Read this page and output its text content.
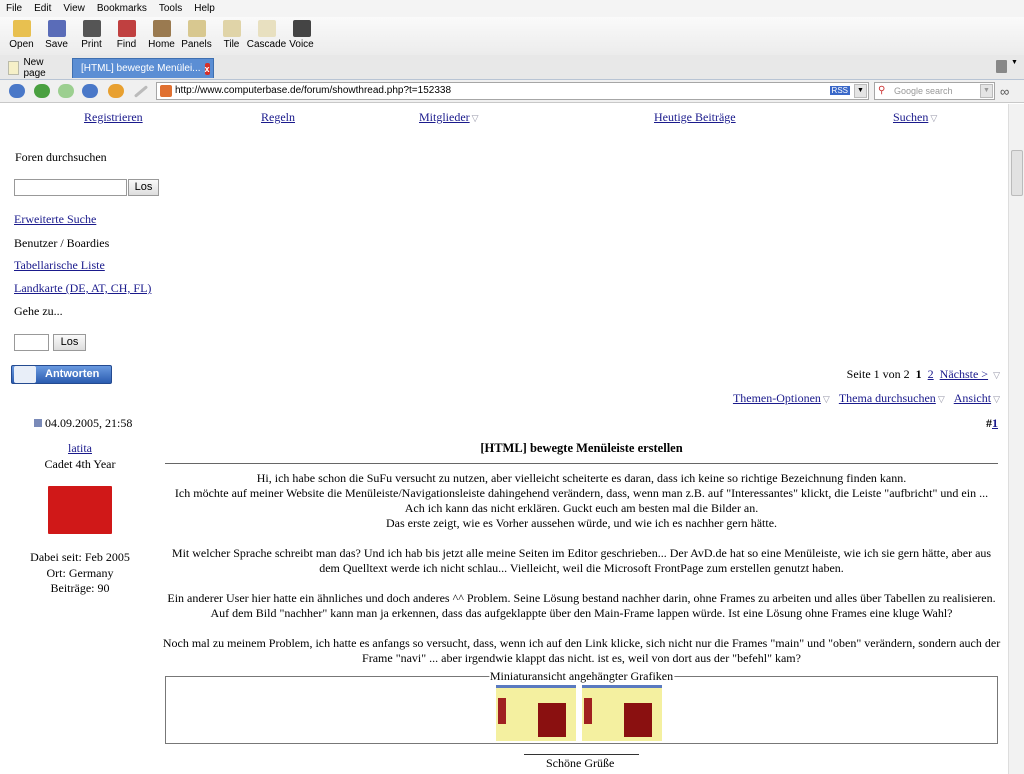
File	Edit	View	Bookmarks	Tools	Help
Open Save Print Find Home Panels Tile Cascade Voice
New page	[HTML] bewegte Menülei... x
▼
http://www.computerbase.de/forum/showthread.php?t=152338	RSS	▼	Google search
⚲	▼ ∞
Registrieren	Regeln	Mitglieder ▽	Heutige Beiträge	Suchen ▽
Foren durchsuchen
Los
Erweiterte Suche
Benutzer / Boardies
Tabellarische Liste
Landkarte (DE, AT, CH, FL)
Gehe zu...
Los
Antworten	Seite 1 von 2 1 2 Nächste > ▽
Themen-Optionen ▽ Thema durchsuchen ▽ Ansicht ▽
04.09.2005, 21:58	#1
latita
Cadet 4th Year
Dabei seit: Feb 2005
Ort: Germany
Beiträge: 90
[HTML] bewegte Menüleiste erstellen
Hi, ich habe schon die SuFu versucht zu nutzen, aber vielleicht scheiterte es daran, dass ich keine so richtige Bezeichnung finden kann.
Ich möchte auf meiner Website die Menüleiste/Navigationsleiste dahingehend verändern, dass, wenn man z.B. auf "Interessantes" klickt, die Leiste "aufbricht" und ein ...
Ach ich kann das nicht erklären. Guckt euch am besten mal die Bilder an.
Das erste zeigt, wie es Vorher aussehen würde, und wie ich es nachher gern hätte.
Mit welcher Sprache schreibt man das? Und ich hab bis jetzt alle meine Seiten im Editor geschrieben... Der AvD.de hat so eine Menüleiste, wie ich sie gern hätte, aber aus
dem Quelltext werde ich nicht schlau... Vielleicht, weil die Microsoft FrontPage zum erstellen genutzt haben.
Ein anderer User hier hatte ein ähnliches und doch anderes ^^ Problem. Seine Lösung bestand nachher darin, ohne Frames zu arbeiten und alles über Tabellen zu realisieren.
Auf dem Bild "nachher" kann man ja erkennen, dass das aufgeklappte über den Main-Frame lappen würde. Ist eine Lösung ohne Frames eine kluge Wahl?
Noch mal zu meinem Problem, ich hatte es anfangs so versucht, dass, wenn ich auf den Link klicke, sich nicht nur die Frames "main" und "oben" verändern, sondern auch der
Frame "navi" ... aber irgendwie klappt das nicht. ist es, weil von dort aus der "befehl" kam?
Miniaturansicht angehängter Grafiken
Schöne Grüße
